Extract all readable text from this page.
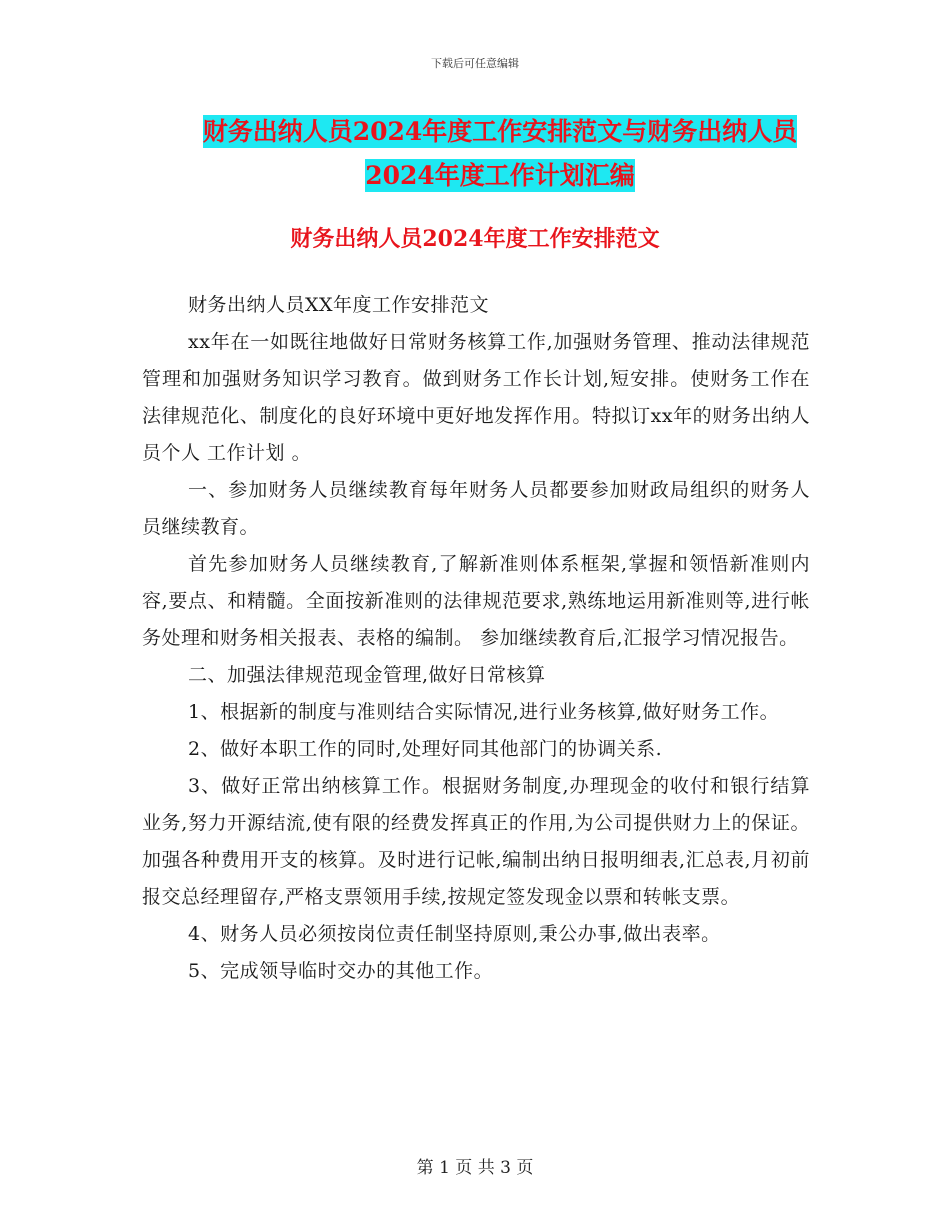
下载后可任意编辑
财务出纳人员2024年度工作安排范文与财务出纳人员
2024年度工作计划汇编
财务出纳人员2024年度工作安排范文

财务出纳人员XX年度工作安排范文

xx年在一如既往地做好日常财务核算工作,加强财务管理、推动法律规范管理和加强财务知识学习教育。做到财务工作长计划,短安排。使财务工作在法律规范化、制度化的良好环境中更好地发挥作用。特拟订xx年的财务出纳人员个人 工作计划 。

一、参加财务人员继续教育每年财务人员都要参加财政局组织的财务人员继续教育。

首先参加财务人员继续教育,了解新准则体系框架,掌握和领悟新准则内容,要点、和精髓。全面按新准则的法律规范要求,熟练地运用新准则等,进行帐务处理和财务相关报表、表格的编制。 参加继续教育后,汇报学习情况报告。

二、加强法律规范现金管理,做好日常核算

1、根据新的制度与准则结合实际情况,进行业务核算,做好财务工作。

2、做好本职工作的同时,处理好同其他部门的协调关系.

3、做好正常出纳核算工作。根据财务制度,办理现金的收付和银行结算业务,努力开源结流,使有限的经费发挥真正的作用,为公司提供财力上的保证。加强各种费用开支的核算。及时进行记帐,编制出纳日报明细表,汇总表,月初前报交总经理留存,严格支票领用手续,按规定签发现金以票和转帐支票。

4、财务人员必须按岗位责任制坚持原则,秉公办事,做出表率。

5、完成领导临时交办的其他工作。

第 1 页 共 3 页
